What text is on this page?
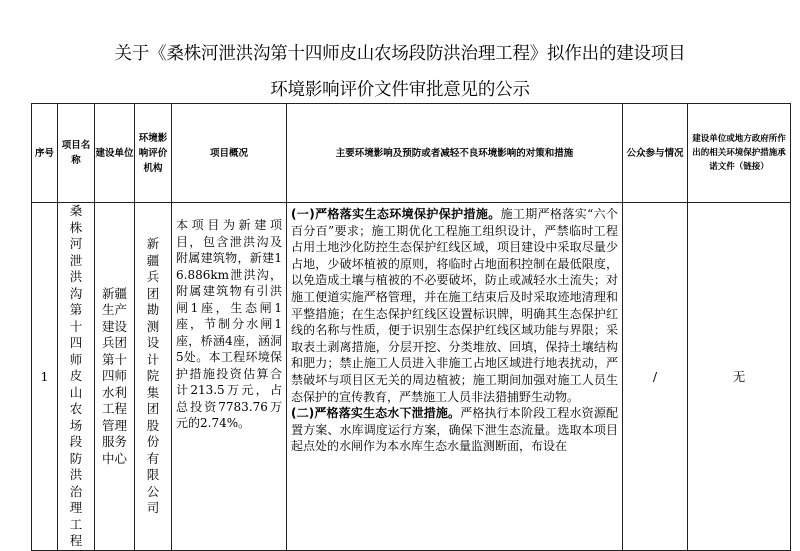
关于《桑株河泄洪沟第十四师皮山农场段防洪治理工程》拟作出的建设项目
环境影响评价文件审批意见的公示
序号	项目名称	建设单位	环境影响评价机构	项目概况	主要环境影响及预防或者减轻不良环境影响的对策和措施	公众参与情况	建设单位或地方政府所作出的相关环境保护措施承诺文件（链接）
1	桑株河泄洪沟第十四师皮山农场段防洪治理工程	新疆生产建设兵团第十四师水利工程管理服务中心	新疆兵团勘测设计院集团股份有限公司	本项目为新建项目，包含泄洪沟及附属建筑物，新建16.886km泄洪沟，附属建筑物有引洪闸1座，生态闸1座，节制分水闸1座，桥涵4座，涵洞5处。本工程环境保护措施投资估算合计213.5万元，占总投资7783.76万元的2.74%。	(一)严格落实生态环境保护保护措施。施工期严格落实“六个百分百”要求；施工期优化工程施工组织设计，严禁临时工程占用土地沙化防控生态保护红线区域，项目建设中采取尽量少占地，少破坏植被的原则，将临时占地面积控制在最低限度，以免造成土壤与植被的不必要破坏，防止或减轻水土流失；对施工便道实施严格管理，并在施工结束后及时采取迹地清理和平整措施；在生态保护红线区设置标识牌，明确其生态保护红线的名称与性质，便于识别生态保护红线区域功能与界限；采取表土剥离措施，分层开挖、分类堆放、回填，保持土壤结构和肥力；禁止施工人员进入非施工占地区域进行地表扰动，严禁破坏与项目区无关的周边植被；施工期间加强对施工人员生态保护的宣传教育，严禁施工人员非法猎捕野生动物。

(二)严格落实生态水下泄措施。严格执行本阶段工程水资源配置方案、水库调度运行方案，确保下泄生态流量。选取本项目起点处的水闸作为本水库生态水量监测断面，布设在	/	无
